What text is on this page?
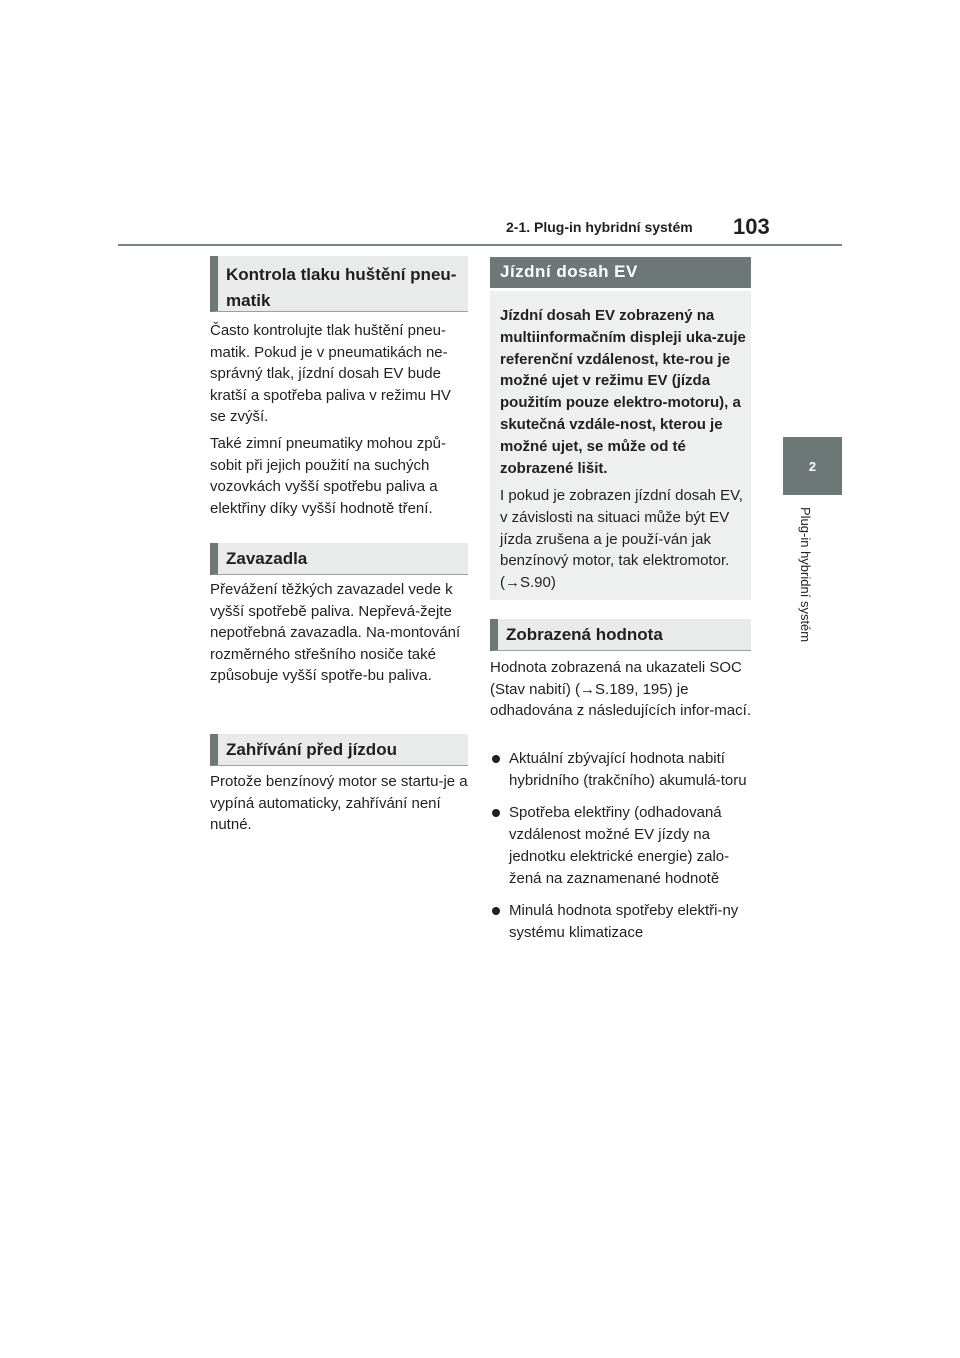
2-1. Plug-in hybridní systém 103
2
Plug-in hybridní systém
Kontrola tlaku huštění pneu-matik

Často kontrolujte tlak huštění pneu-matik. Pokud je v pneumatikách ne-správný tlak, jízdní dosah EV bude kratší a spotřeba paliva v režimu HV se zvýší.

Také zimní pneumatiky mohou způ-sobit při jejich použití na suchých vozovkách vyšší spotřebu paliva a elektřiny díky vyšší hodnotě tření.

Zavazadla

Převážení těžkých zavazadel vede k vyšší spotřebě paliva. Nepřevá-žejte nepotřebná zavazadla. Na-montování rozměrného střešního nosiče také způsobuje vyšší spotře-bu paliva.

Zahřívání před jízdou

Protože benzínový motor se startu-je a vypíná automaticky, zahřívání není nutné.

Jízdní dosah EV

Jízdní dosah EV zobrazený na multiinformačním displeji uka-zuje referenční vzdálenost, kte-rou je možné ujet v režimu EV (jízda použitím pouze elektro-motoru), a skutečná vzdále-nost, kterou je možné ujet, se může od té zobrazené lišit.

I pokud je zobrazen jízdní dosah EV, v závislosti na situaci může být EV jízda zrušena a je použí-ván jak benzínový motor, tak elektromotor. (→S.90)

Zobrazená hodnota

Hodnota zobrazená na ukazateli SOC (Stav nabití) (→S.189, 195) je odhadována z následujících infor-mací.

Aktuální zbývající hodnota nabití hybridního (trakčního) akumulá-toru
Spotřeba elektřiny (odhadovaná vzdálenost možné EV jízdy na jednotku elektrické energie) zalo-žená na zaznamenané hodnotě
Minulá hodnota spotřeby elektři-ny systému klimatizace
